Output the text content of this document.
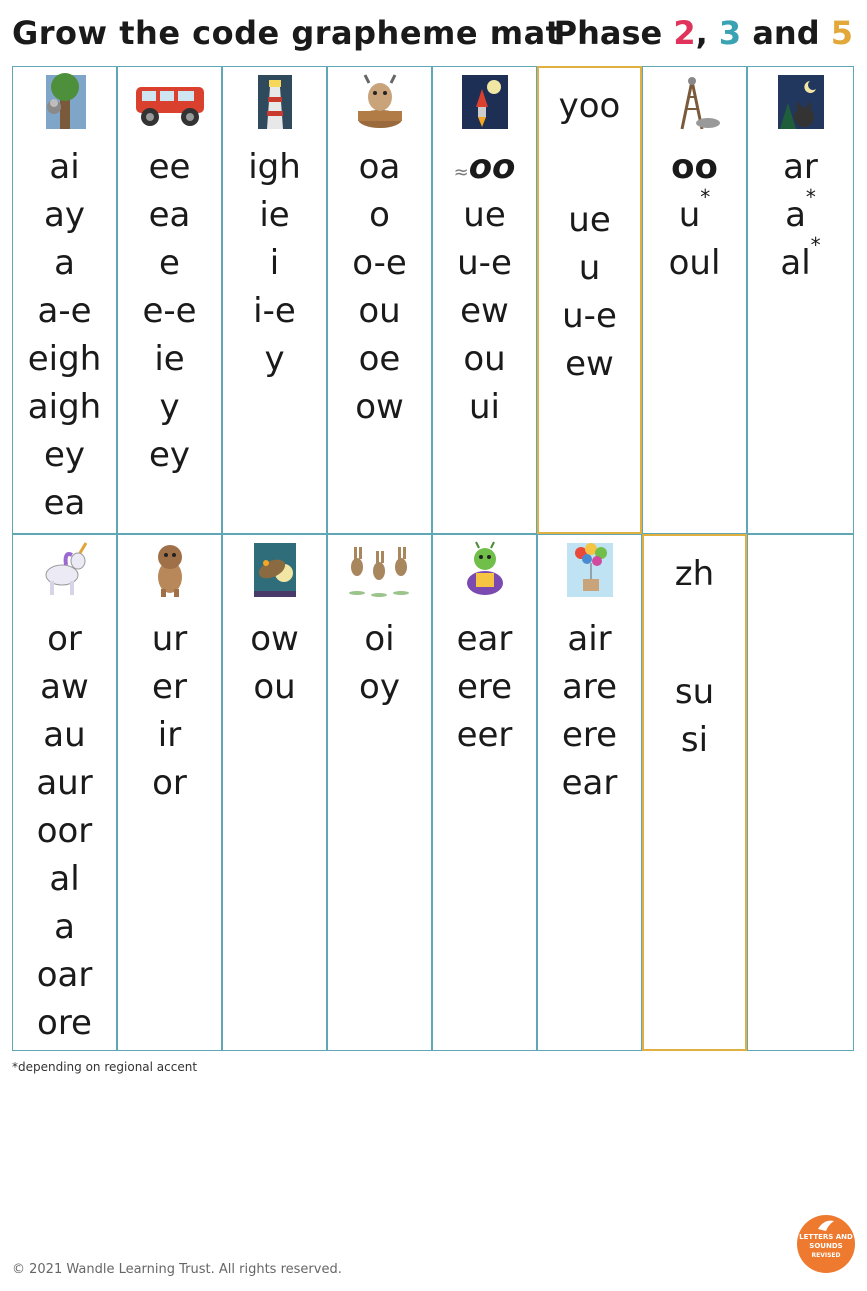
Grow the code grapheme mat
Phase 2, 3 and 5
ai
ay
a
a-e
eigh
aigh
ey
ea
ee
ea
e
e-e
ie
y
ey
igh
ie
i
i-e
y
oa
o
o-e
ou
oe
ow
≈oo
ue
u-e
ew
ou
ui
yoo
ue
u
u-e
ew
oo
u*
oul
ar
a*
al*
or
aw
au
aur
oor
al
a
oar
ore
ur
er
ir
or
ow
ou
oi
oy
ear
ere
eer
air
are
ere
ear
zh
su
si
*depending on regional accent
© 2021 Wandle Learning Trust. All rights reserved.
LETTERS AND
SOUNDS
REVISED
